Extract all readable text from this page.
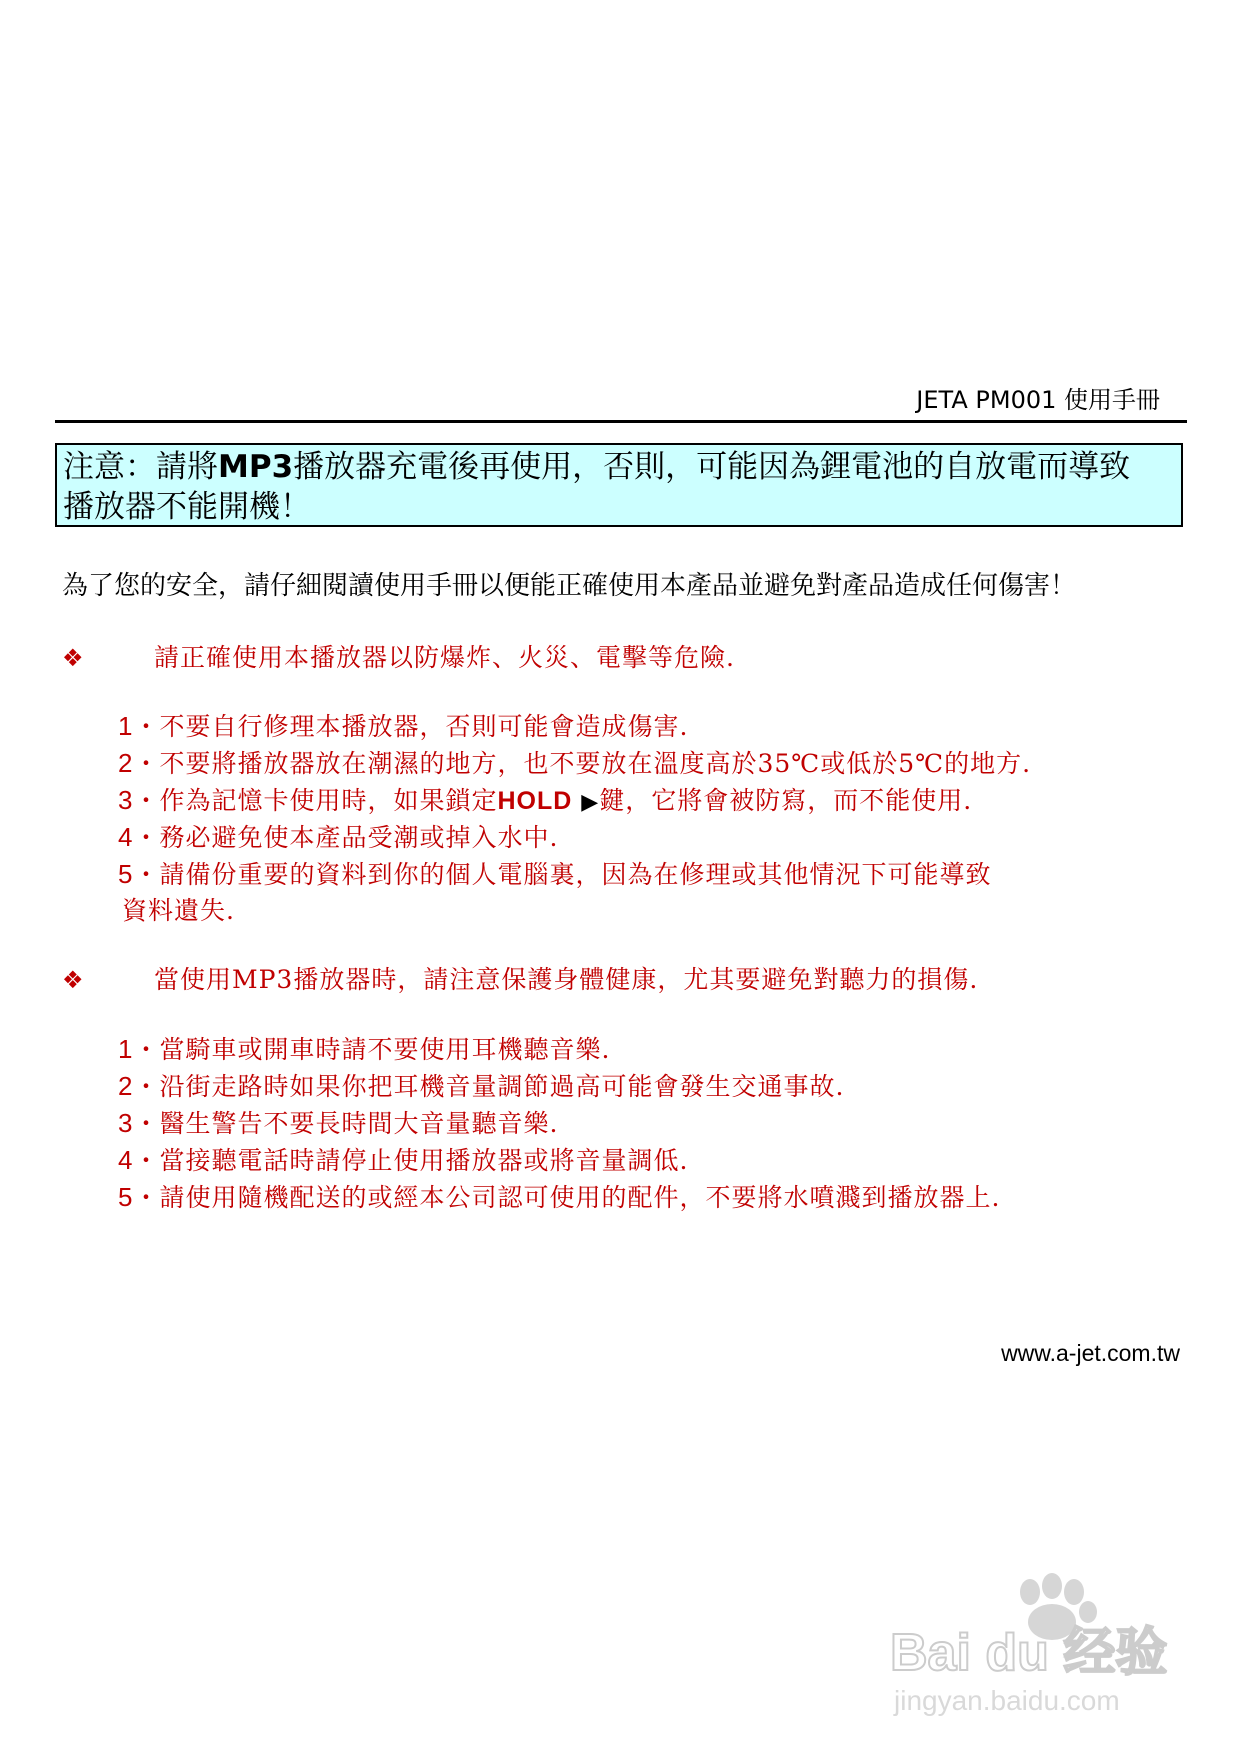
JETA PM001 使用手冊
注意：請將MP3播放器充電後再使用，否則，可能因為鋰電池的自放電而導致
播放器不能開機！
為了您的安全，請仔細閱讀使用手冊以便能正確使用本產品並避免對產品造成任何傷害！
❖	請正確使用本播放器以防爆炸、火災、電擊等危險.
1・不要自行修理本播放器，否則可能會造成傷害.
2・不要將播放器放在潮濕的地方，也不要放在溫度高於35℃或低於5℃的地方.
3・作為記憶卡使用時，如果鎖定HOLD ▶鍵，它將會被防寫，而不能使用.
4・務必避免使本產品受潮或掉入水中.
5・請備份重要的資料到你的個人電腦裏，因為在修理或其他情況下可能導致
資料遺失.
❖	當使用MP3播放器時，請注意保護身體健康，尤其要避免對聽力的損傷.
1・當騎車或開車時請不要使用耳機聽音樂.
2・沿街走路時如果你把耳機音量調節過高可能會發生交通事故.
3・醫生警告不要長時間大音量聽音樂.
4・當接聽電話時請停止使用播放器或將音量調低.
5・請使用隨機配送的或經本公司認可使用的配件，不要將水噴濺到播放器上.
www.a-jet.com.tw
Bai du 经验
jingyan.baidu.com
